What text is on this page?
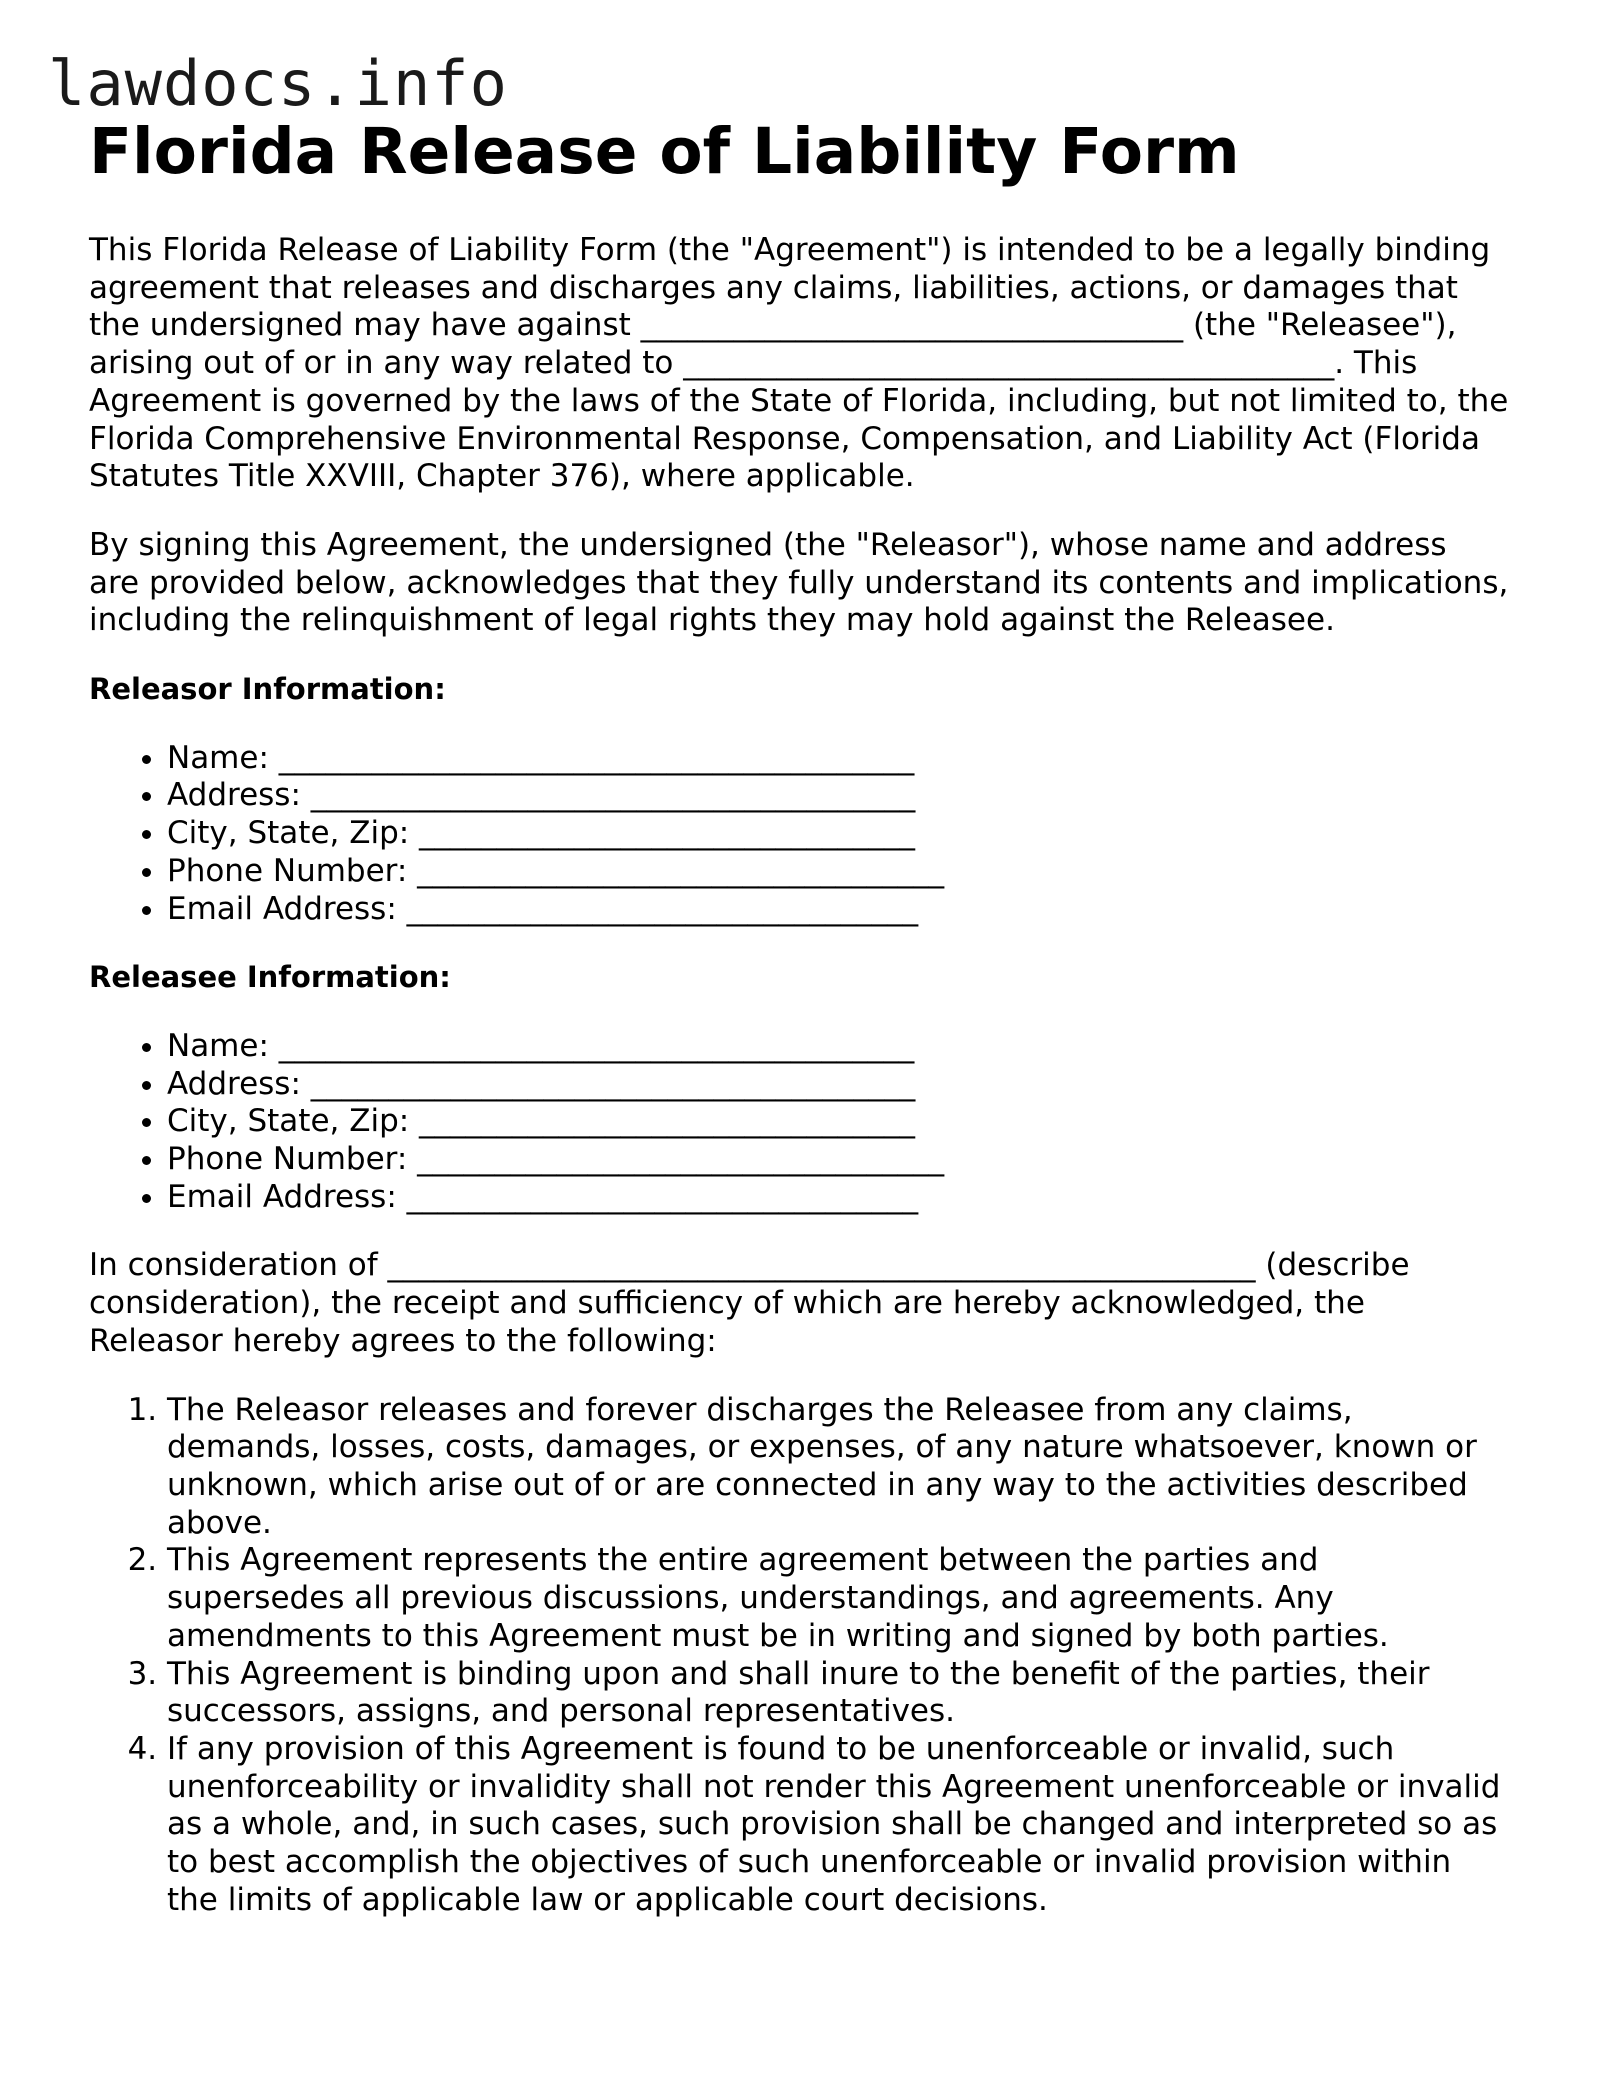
lawdocs.info
Florida Release of Liability Form

This Florida Release of Liability Form (the "Agreement") is intended to be a legally binding
agreement that releases and discharges any claims, liabilities, actions, or damages that
the undersigned may have against ___________________________________ (the "Releasee"),
arising out of or in any way related to __________________________________________. This
Agreement is governed by the laws of the State of Florida, including, but not limited to, the
Florida Comprehensive Environmental Response, Compensation, and Liability Act (Florida
Statutes Title XXVIII, Chapter 376), where applicable.

By signing this Agreement, the undersigned (the "Releasor"), whose name and address
are provided below, acknowledges that they fully understand its contents and implications,
including the relinquishment of legal rights they may hold against the Releasee.

Releasor Information:
• Name: _________________________________________
• Address: _______________________________________
• City, State, Zip: ________________________________
• Phone Number: __________________________________
• Email Address: _________________________________
Releasee Information:
• Name: _________________________________________
• Address: _______________________________________
• City, State, Zip: ________________________________
• Phone Number: __________________________________
• Email Address: _________________________________

In consideration of ________________________________________________________ (describe
consideration), the receipt and sufficiency of which are hereby acknowledged, the
Releasor hereby agrees to the following:

1. The Releasor releases and forever discharges the Releasee from any claims,
demands, losses, costs, damages, or expenses, of any nature whatsoever, known or
unknown, which arise out of or are connected in any way to the activities described
above.
2. This Agreement represents the entire agreement between the parties and
supersedes all previous discussions, understandings, and agreements. Any
amendments to this Agreement must be in writing and signed by both parties.
3. This Agreement is binding upon and shall inure to the benefit of the parties, their
successors, assigns, and personal representatives.
4. If any provision of this Agreement is found to be unenforceable or invalid, such
unenforceability or invalidity shall not render this Agreement unenforceable or invalid
as a whole, and, in such cases, such provision shall be changed and interpreted so as
to best accomplish the objectives of such unenforceable or invalid provision within
the limits of applicable law or applicable court decisions.
